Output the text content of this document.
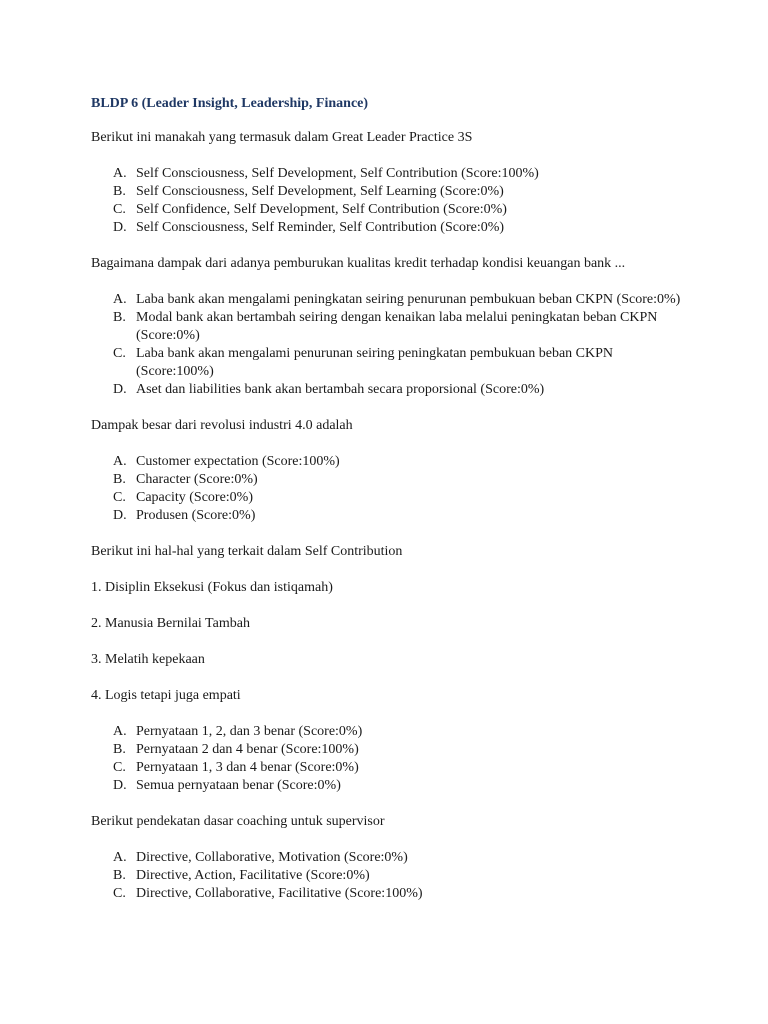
BLDP 6 (Leader Insight, Leadership, Finance)

Berikut ini manakah yang termasuk dalam Great Leader Practice 3S

A. Self Consciousness, Self Development, Self Contribution (Score:100%)
B. Self Consciousness, Self Development, Self Learning (Score:0%)
C. Self Confidence, Self Development, Self Contribution (Score:0%)
D. Self Consciousness, Self Reminder, Self Contribution (Score:0%)

Bagaimana dampak dari adanya pemburukan kualitas kredit terhadap kondisi keuangan bank ...

A. Laba bank akan mengalami peningkatan seiring penurunan pembukuan beban CKPN (Score:0%)
B. Modal bank akan bertambah seiring dengan kenaikan laba melalui peningkatan beban CKPN (Score:0%)
C. Laba bank akan mengalami penurunan seiring peningkatan pembukuan beban CKPN (Score:100%)
D. Aset dan liabilities bank akan bertambah secara proporsional (Score:0%)

Dampak besar dari revolusi industri 4.0 adalah

A. Customer expectation (Score:100%)
B. Character (Score:0%)
C. Capacity (Score:0%)
D. Produsen (Score:0%)

Berikut ini hal-hal yang terkait dalam Self Contribution

1. Disiplin Eksekusi (Fokus dan istiqamah)

2. Manusia Bernilai Tambah

3. Melatih kepekaan

4. Logis tetapi juga empati

A. Pernyataan 1, 2, dan 3 benar (Score:0%)
B. Pernyataan 2 dan 4 benar (Score:100%)
C. Pernyataan 1, 3 dan 4 benar (Score:0%)
D. Semua pernyataan benar (Score:0%)

Berikut pendekatan dasar coaching untuk supervisor

A. Directive, Collaborative, Motivation (Score:0%)
B. Directive, Action, Facilitative (Score:0%)
C. Directive, Collaborative, Facilitative (Score:100%)
